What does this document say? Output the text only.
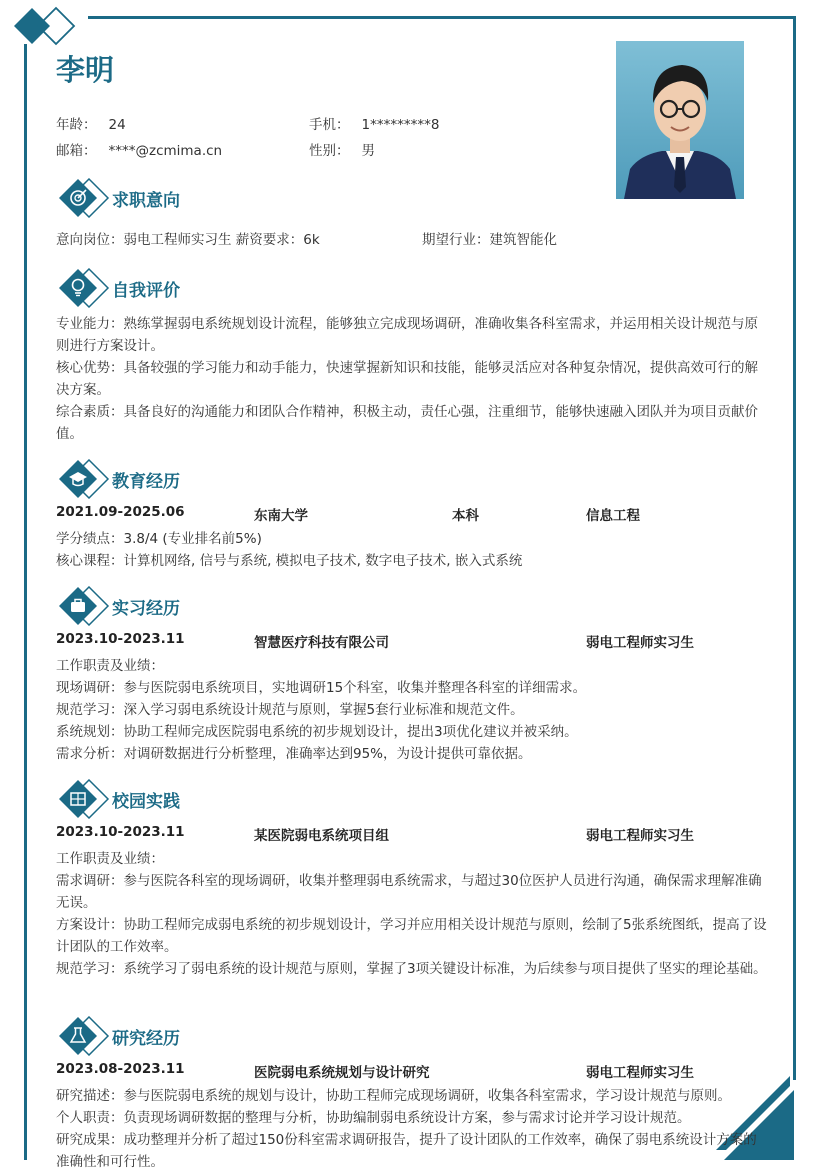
李明
年龄： 24	手机： 1*********8
邮箱： ****@zcmima.cn	性别： 男
求职意向
意向岗位：弱电工程师实习生 薪资要求：6k	期望行业：建筑智能化
自我评价

专业能力：熟练掌握弱电系统规划设计流程，能够独立完成现场调研，准确收集各科室需求，并运用相关设计规范与原则进行方案设计。

核心优势：具备较强的学习能力和动手能力，快速掌握新知识和技能，能够灵活应对各种复杂情况，提供高效可行的解决方案。

综合素质：具备良好的沟通能力和团队合作精神，积极主动，责任心强，注重细节，能够快速融入团队并为项目贡献价值。

教育经历
2021.09-2025.06	东南大学	本科	信息工程
学分绩点：3.8/4 (专业排名前5%)
核心课程：计算机网络, 信号与系统, 模拟电子技术, 数字电子技术, 嵌入式系统
实习经历
2023.10-2023.11	智慧医疗科技有限公司	弱电工程师实习生
工作职责及业绩：
现场调研：参与医院弱电系统项目，实地调研15个科室，收集并整理各科室的详细需求。
规范学习：深入学习弱电系统设计规范与原则，掌握5套行业标准和规范文件。
系统规划：协助工程师完成医院弱电系统的初步规划设计，提出3项优化建议并被采纳。
需求分析：对调研数据进行分析整理，准确率达到95%，为设计提供可靠依据。
校园实践
2023.10-2023.11	某医院弱电系统项目组	弱电工程师实习生

工作职责及业绩：

需求调研：参与医院各科室的现场调研，收集并整理弱电系统需求，与超过30位医护人员进行沟通，确保需求理解准确无误。

方案设计：协助工程师完成弱电系统的初步规划设计，学习并应用相关设计规范与原则，绘制了5张系统图纸，提高了设计团队的工作效率。

规范学习：系统学习了弱电系统的设计规范与原则，掌握了3项关键设计标准，为后续参与项目提供了坚实的理论基础。

研究经历
2023.08-2023.11	医院弱电系统规划与设计研究	弱电工程师实习生

研究描述：参与医院弱电系统的规划与设计，协助工程师完成现场调研，收集各科室需求，学习设计规范与原则。

个人职责：负责现场调研数据的整理与分析，协助编制弱电系统设计方案，参与需求讨论并学习设计规范。

研究成果：成功整理并分析了超过150份科室需求调研报告，提升了设计团队的工作效率，确保了弱电系统设计方案的准确性和可行性。
